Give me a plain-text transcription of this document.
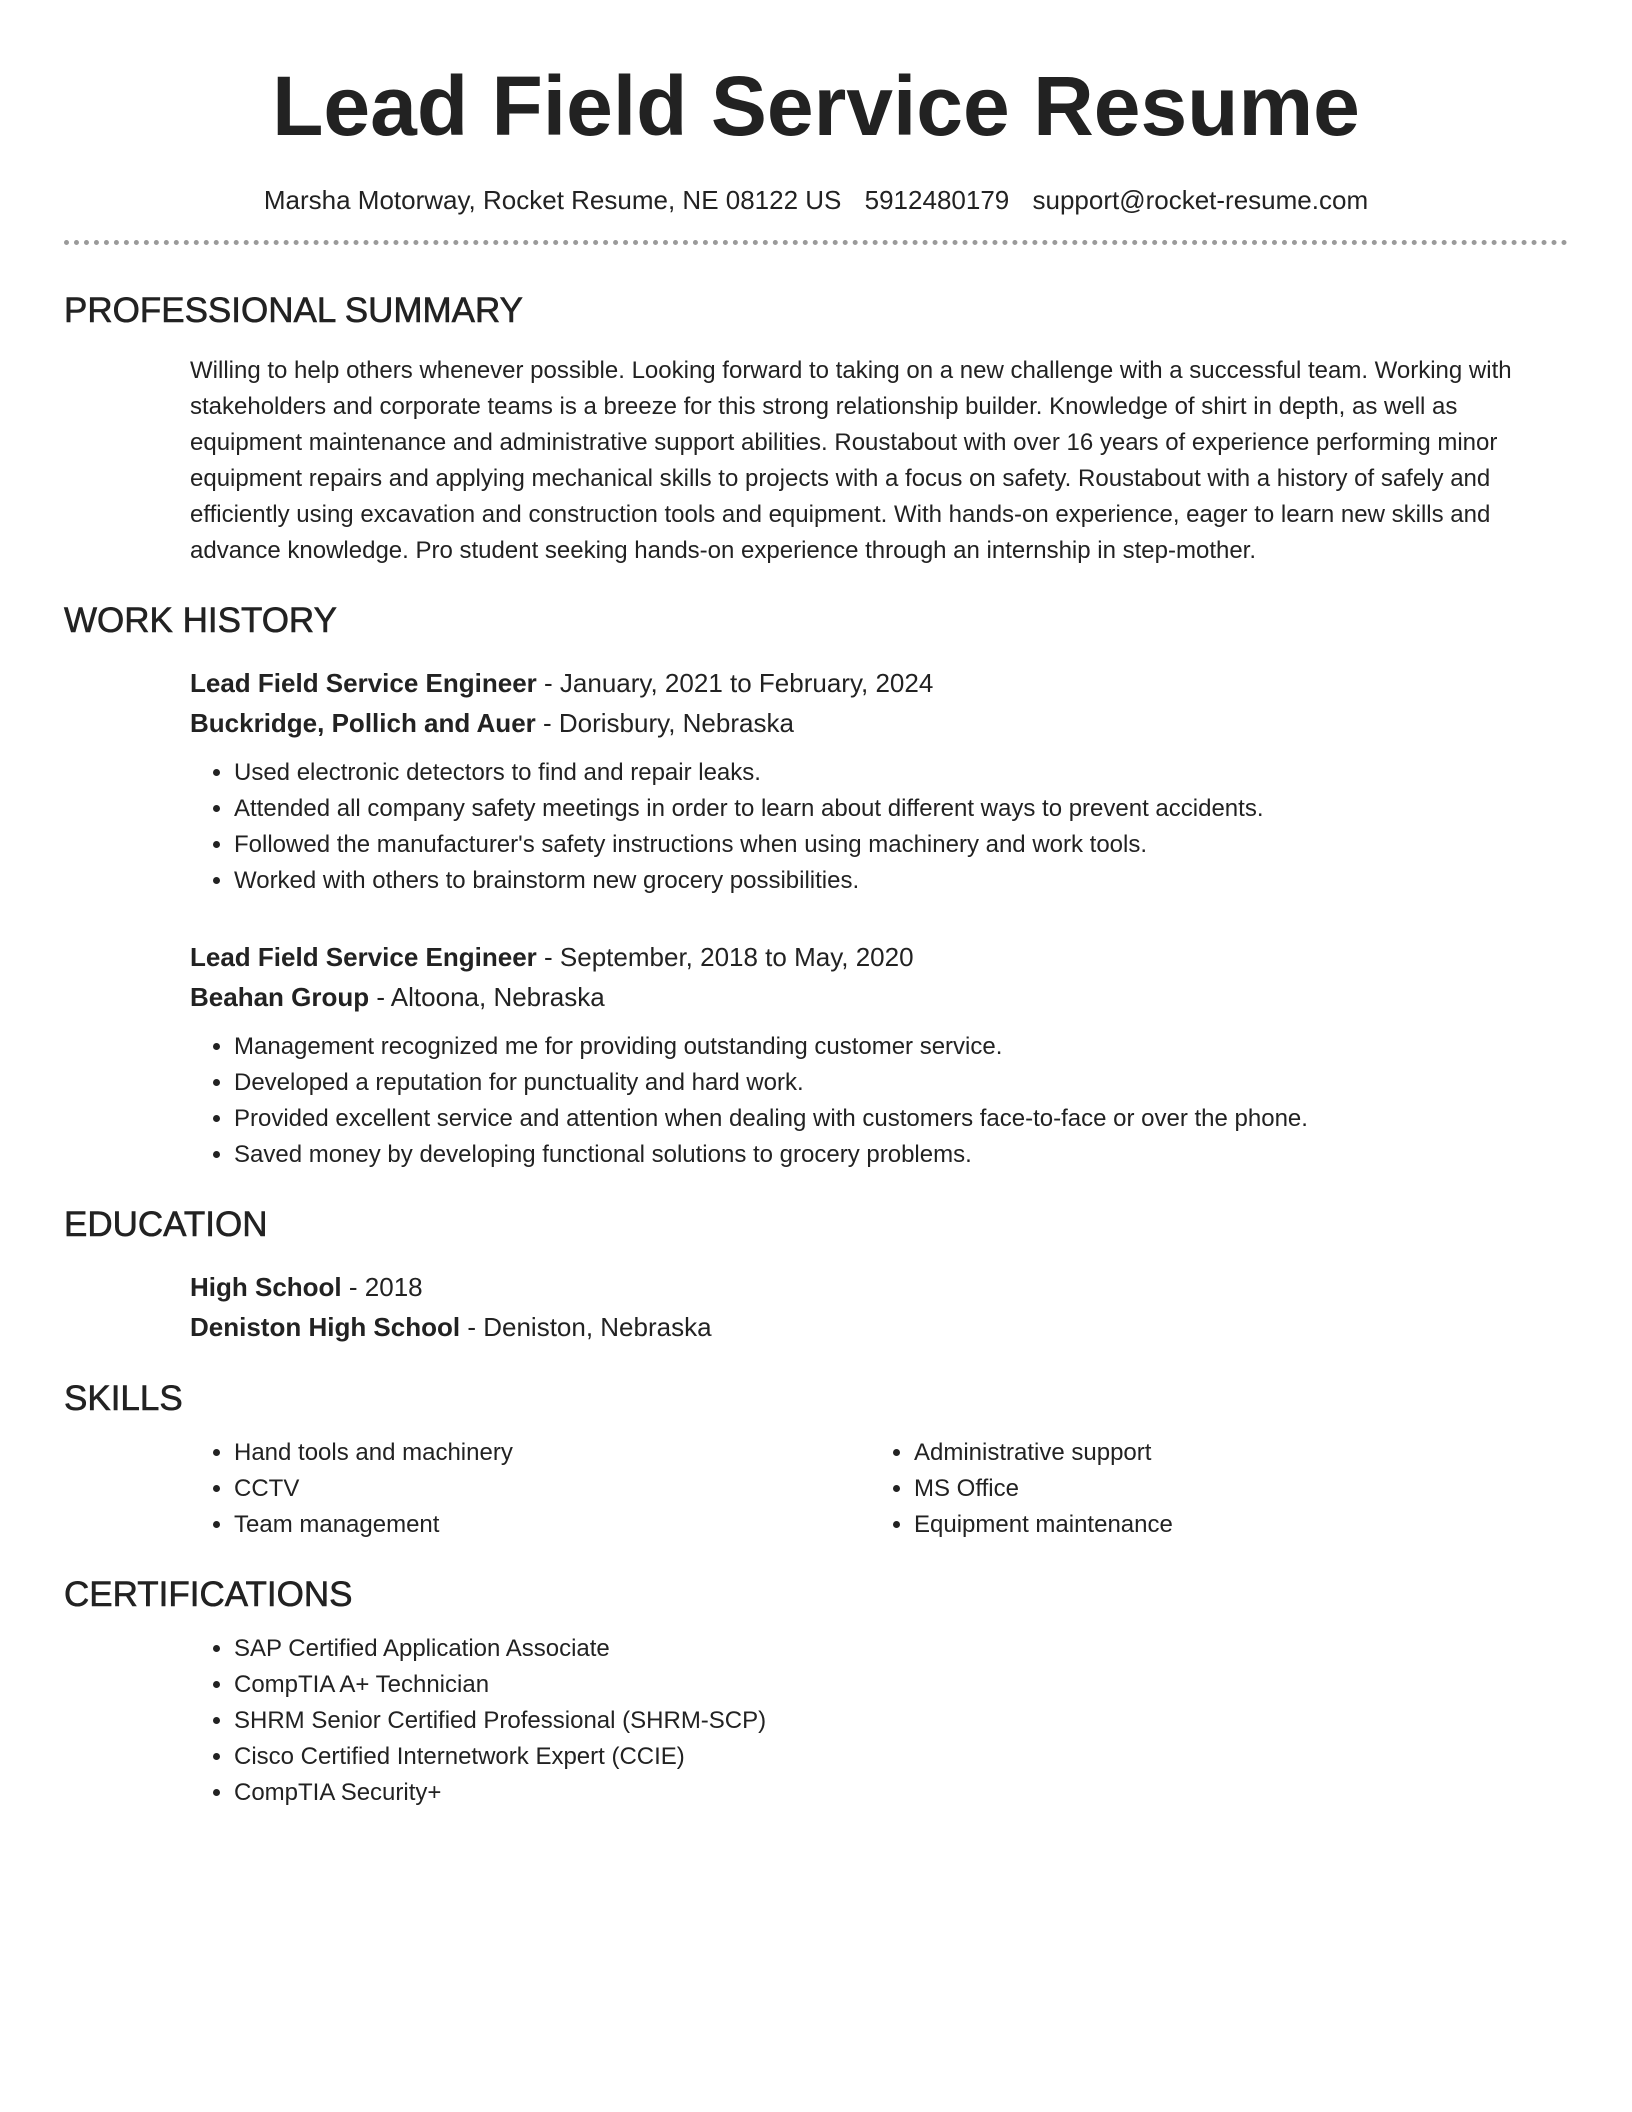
Lead Field Service Resume
Marsha Motorway, Rocket Resume, NE 08122 US 5912480179 support@rocket-resume.com
PROFESSIONAL SUMMARY

Willing to help others whenever possible. Looking forward to taking on a new challenge with a successful team. Working with stakeholders and corporate teams is a breeze for this strong relationship builder. Knowledge of shirt in depth, as well as equipment maintenance and administrative support abilities. Roustabout with over 16 years of experience performing minor equipment repairs and applying mechanical skills to projects with a focus on safety. Roustabout with a history of safely and efficiently using excavation and construction tools and equipment. With hands-on experience, eager to learn new skills and advance knowledge. Pro student seeking hands-on experience through an internship in step-mother.

WORK HISTORY
Lead Field Service Engineer - January, 2021 to February, 2024
Buckridge, Pollich and Auer - Dorisbury, Nebraska
• Used electronic detectors to find and repair leaks.
• Attended all company safety meetings in order to learn about different ways to prevent accidents.
• Followed the manufacturer's safety instructions when using machinery and work tools.
• Worked with others to brainstorm new grocery possibilities.
Lead Field Service Engineer - September, 2018 to May, 2020
Beahan Group - Altoona, Nebraska
• Management recognized me for providing outstanding customer service.
• Developed a reputation for punctuality and hard work.
• Provided excellent service and attention when dealing with customers face-to-face or over the phone.
• Saved money by developing functional solutions to grocery problems.
EDUCATION
High School - 2018
Deniston High School - Deniston, Nebraska
SKILLS
• Hand tools and machinery
• CCTV
• Team management
• Administrative support
• MS Office
• Equipment maintenance
CERTIFICATIONS
• SAP Certified Application Associate
• CompTIA A+ Technician
• SHRM Senior Certified Professional (SHRM-SCP)
• Cisco Certified Internetwork Expert (CCIE)
• CompTIA Security+
